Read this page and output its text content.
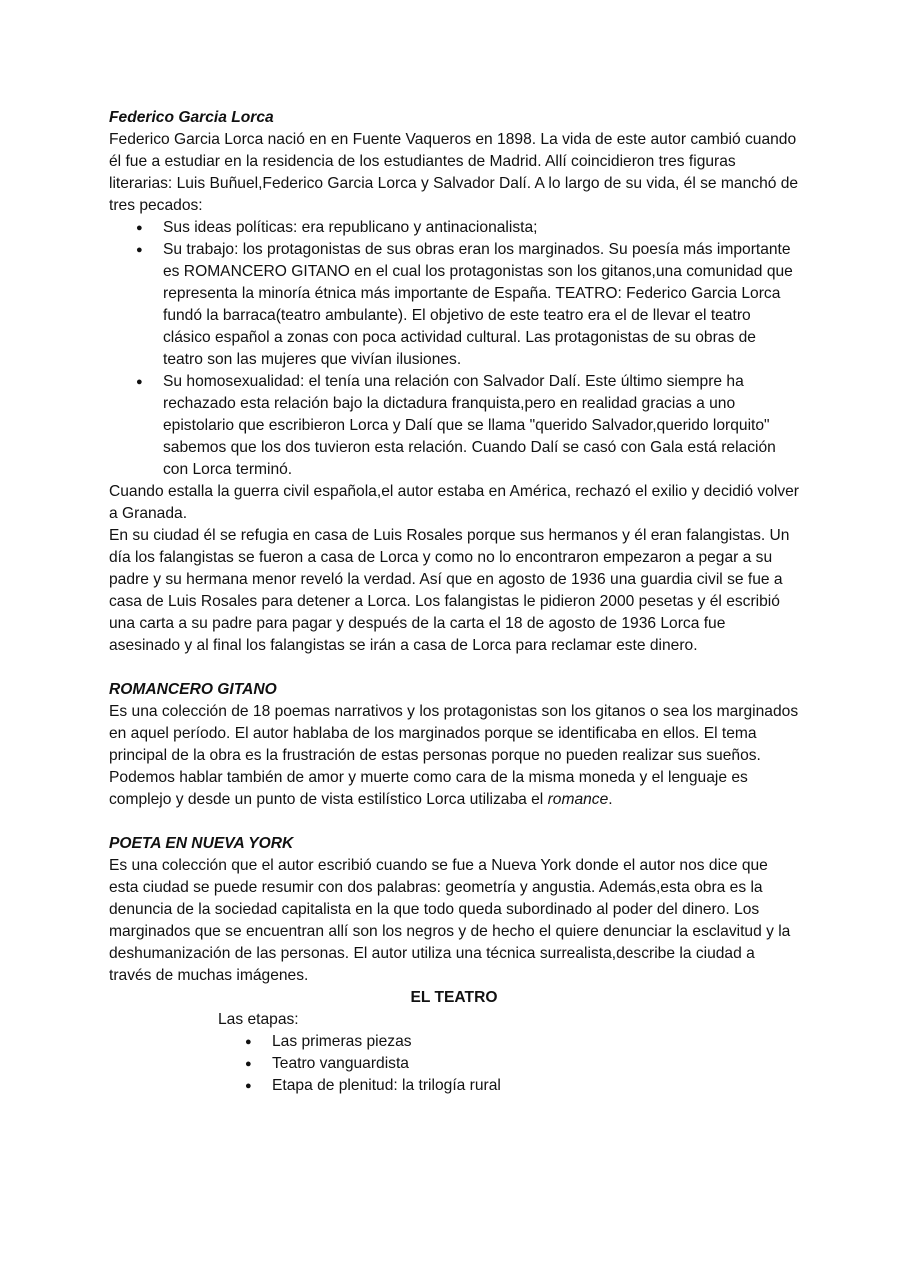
Federico Garcia Lorca

Federico Garcia Lorca nació en en Fuente Vaqueros en 1898. La vida de este autor cambió cuando él fue a estudiar en la residencia de los estudiantes de Madrid. Allí coincidieron tres figuras literarias: Luis Buñuel,Federico Garcia Lorca y Salvador Dalí. A lo largo de su vida, él se manchó de tres pecados:

● Sus ideas políticas: era republicano y antinacionalista;
● Su trabajo: los protagonistas de sus obras eran los marginados. Su poesía más importante es ROMANCERO GITANO en el cual los protagonistas son los gitanos,una comunidad que representa la minoría étnica más importante de España. TEATRO: Federico Garcia Lorca fundó la barraca(teatro ambulante). El objetivo de este teatro era el de llevar el teatro clásico español a zonas con poca actividad cultural. Las protagonistas de su obras de teatro son las mujeres que vivían ilusiones.
● Su homosexualidad: el tenía una relación con Salvador Dalí. Este último siempre ha rechazado esta relación bajo la dictadura franquista,pero en realidad gracias a uno epistolario que escribieron Lorca y Dalí que se llama "querido Salvador,querido lorquito" sabemos que los dos tuvieron esta relación. Cuando Dalí se casó con Gala está relación con Lorca terminó.

Cuando estalla la guerra civil española,el autor estaba en América, rechazó el exilio y decidió volver a Granada.

En su ciudad él se refugia en casa de Luis Rosales porque sus hermanos y él eran falangistas. Un día los falangistas se fueron a casa de Lorca y como no lo encontraron empezaron a pegar a su padre y su hermana menor reveló la verdad. Así que en agosto de 1936 una guardia civil se fue a casa de Luis Rosales para detener a Lorca. Los falangistas le pidieron 2000 pesetas y él escribió una carta a su padre para pagar y después de la carta el 18 de agosto de 1936 Lorca fue asesinado y al final los falangistas se irán a casa de Lorca para reclamar este dinero.

ROMANCERO GITANO

Es una colección de 18 poemas narrativos y los protagonistas son los gitanos o sea los marginados en aquel período. El autor hablaba de los marginados porque se identificaba en ellos. El tema principal de la obra es la frustración de estas personas porque no pueden realizar sus sueños. Podemos hablar también de amor y muerte como cara de la misma moneda y el lenguaje es complejo y desde un punto de vista estilístico Lorca utilizaba el romance.

POETA EN NUEVA YORK

Es una colección que el autor escribió cuando se fue a Nueva York donde el autor nos dice que esta ciudad se puede resumir con dos palabras: geometría y angustia. Además,esta obra es la denuncia de la sociedad capitalista en la que todo queda subordinado al poder del dinero. Los marginados que se encuentran allí son los negros y de hecho el quiere denunciar la esclavitud y la deshumanización de las personas. El autor utiliza una técnica surrealista,describe la ciudad a través de muchas imágenes.

EL TEATRO

Las etapas:

● Las primeras piezas
● Teatro vanguardista
● Etapa de plenitud: la trilogía rural
